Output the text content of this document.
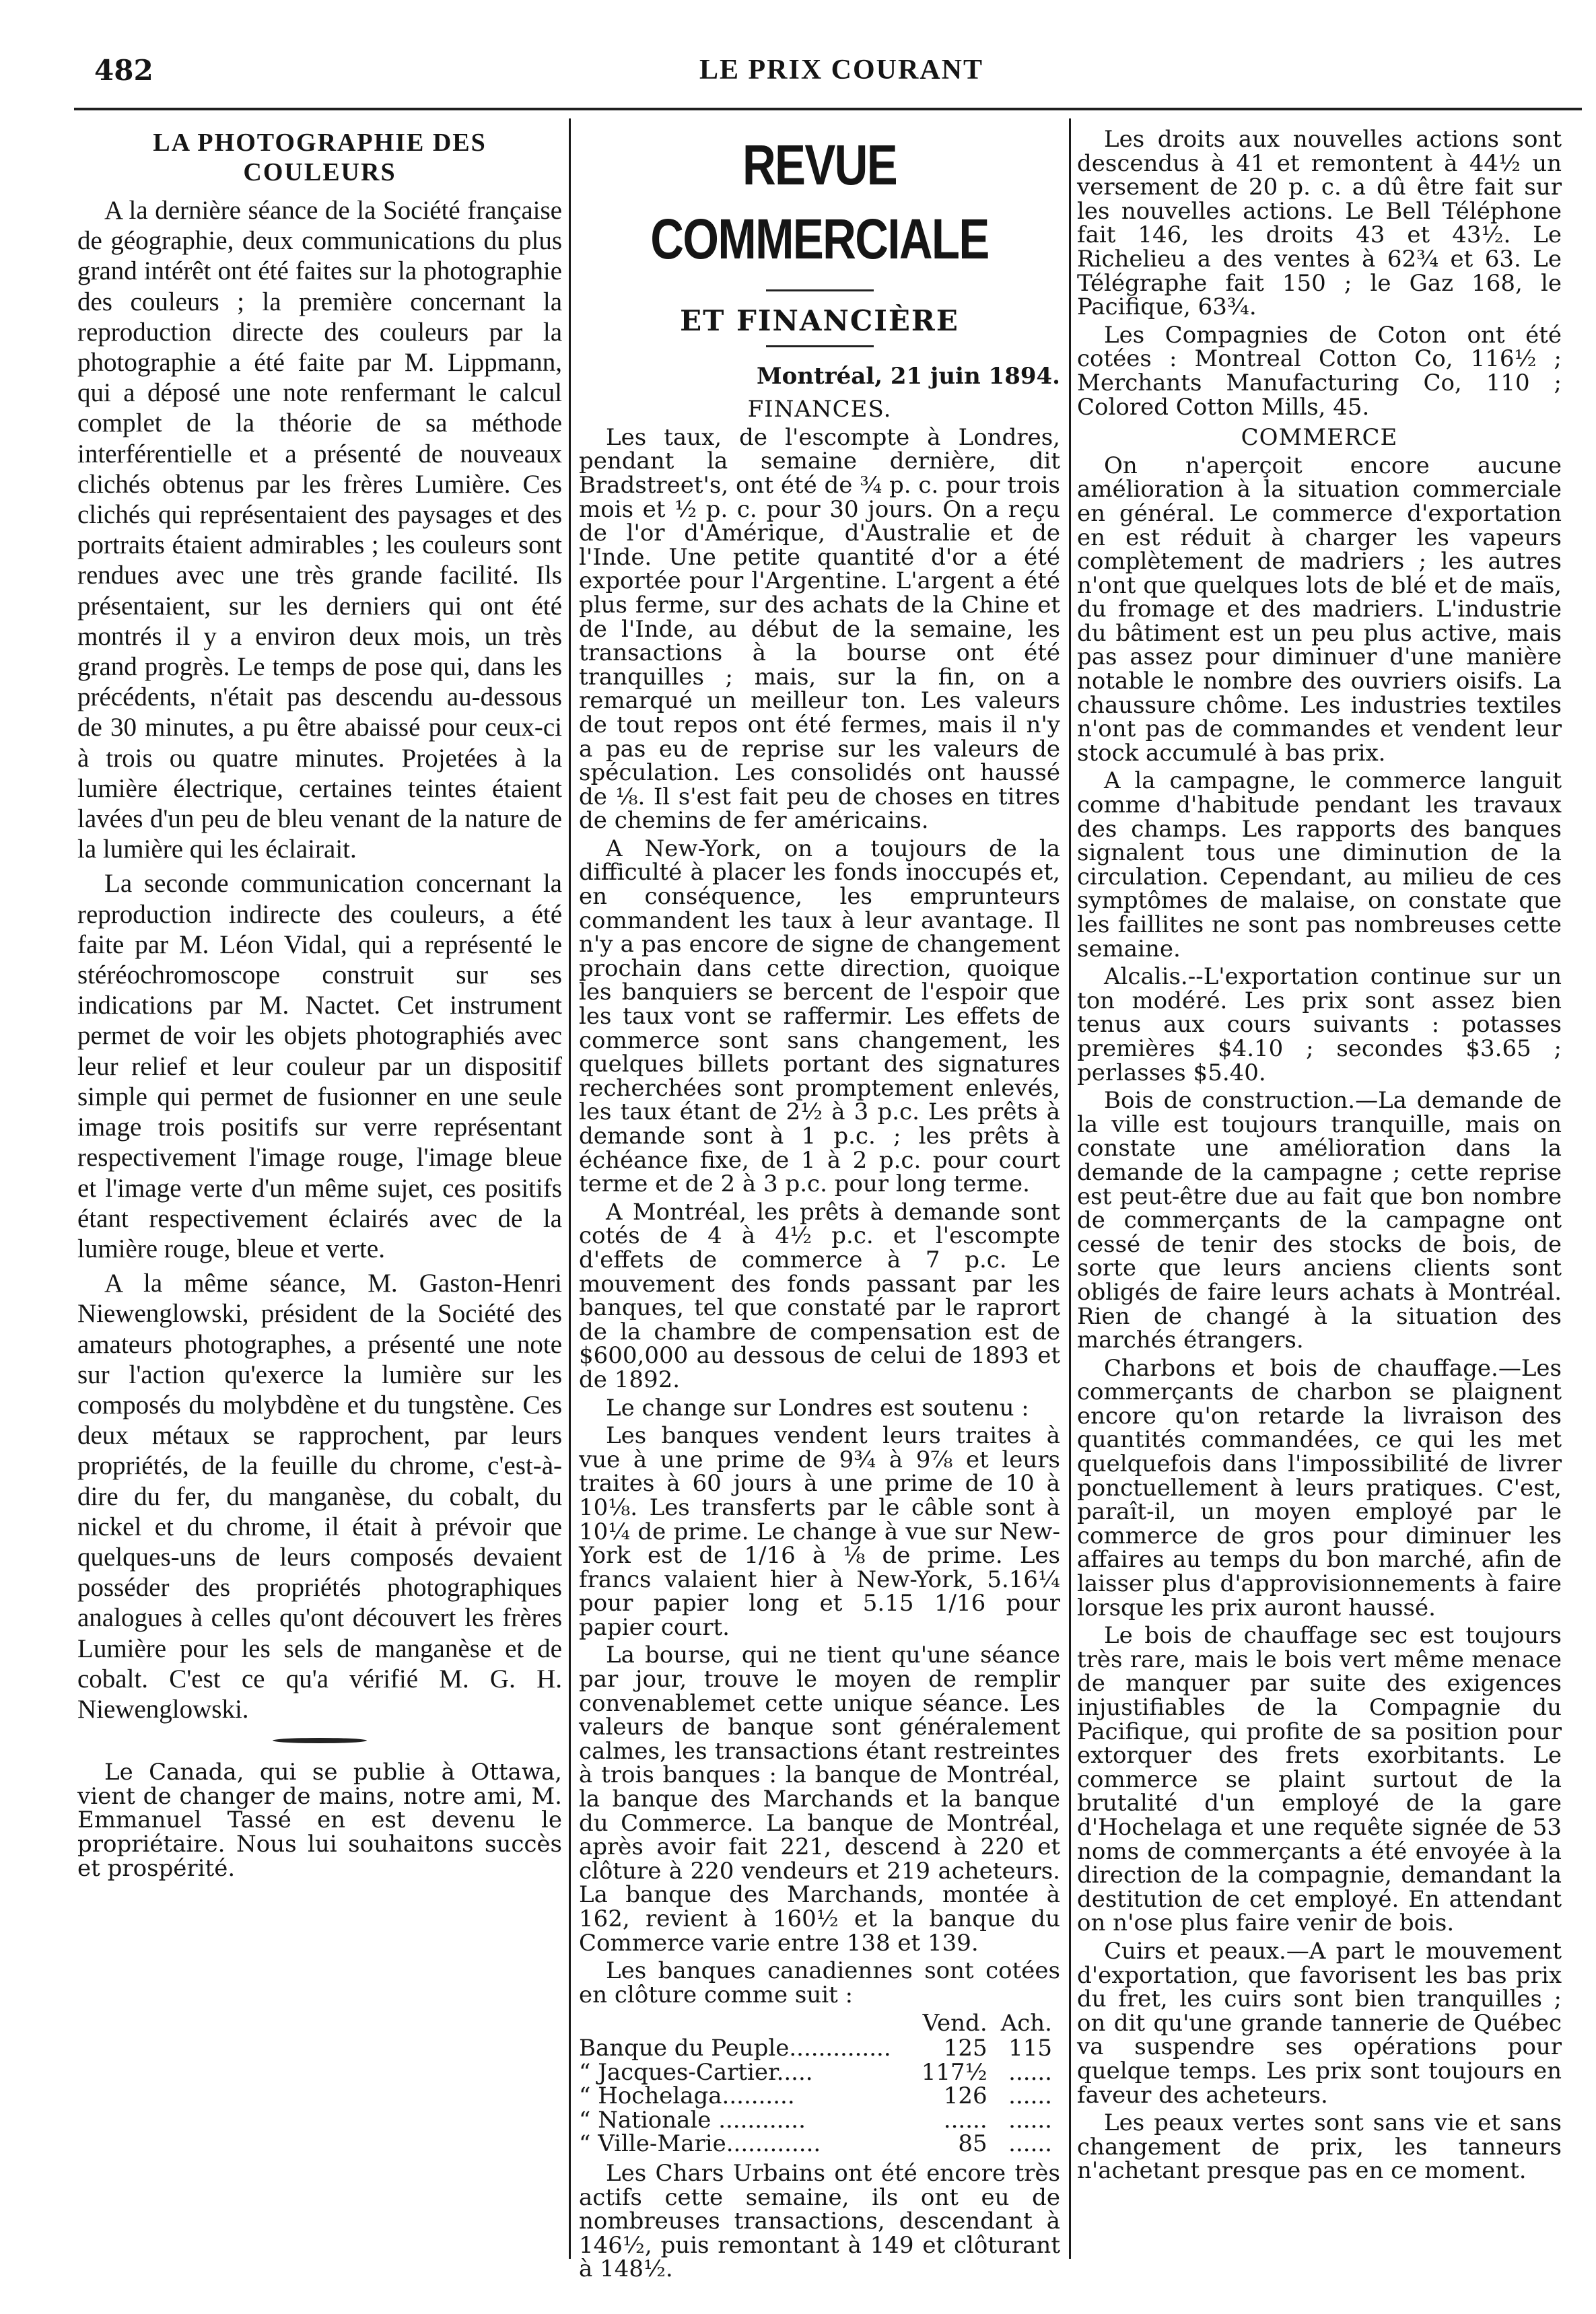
482	LE PRIX COURANT
LA PHOTOGRAPHIE DES COULEURS

A la dernière séance de la Société française de géographie, deux communications du plus grand intérêt ont été faites sur la photographie des couleurs ; la première concernant la reproduction directe des couleurs par la photographie a été faite par M. Lippmann, qui a déposé une note renfermant le calcul complet de la théorie de sa méthode interférentielle et a présenté de nouveaux clichés obtenus par les frères Lumière. Ces clichés qui représentaient des paysages et des portraits étaient admirables ; les couleurs sont rendues avec une très grande facilité. Ils présentaient, sur les derniers qui ont été montrés il y a environ deux mois, un très grand progrès. Le temps de pose qui, dans les précédents, n'était pas descendu au-dessous de 30 minutes, a pu être abaissé pour ceux-ci à trois ou quatre minutes. Projetées à la lumière électrique, certaines teintes étaient lavées d'un peu de bleu venant de la nature de la lumière qui les éclairait.

La seconde communication concernant la reproduction indirecte des couleurs, a été faite par M. Léon Vidal, qui a représenté le stéréochromoscope construit sur ses indications par M. Nactet. Cet instrument permet de voir les objets photographiés avec leur relief et leur couleur par un dispositif simple qui permet de fusionner en une seule image trois positifs sur verre représentant respectivement l'image rouge, l'image bleue et l'image verte d'un même sujet, ces positifs étant respectivement éclairés avec de la lumière rouge, bleue et verte.

A la même séance, M. Gaston-Henri Niewenglowski, président de la Société des amateurs photographes, a présenté une note sur l'action qu'exerce la lumière sur les composés du molybdène et du tungstène. Ces deux métaux se rapprochent, par leurs propriétés, de la feuille du chrome, c'est-à-dire du fer, du manganèse, du cobalt, du nickel et du chrome, il était à prévoir que quelques-uns de leurs composés devaient posséder des propriétés photographiques analogues à celles qu'ont découvert les frères Lumière pour les sels de manganèse et de cobalt. C'est ce qu'a vérifié M. G. H. Niewenglowski.

Le Canada, qui se publie à Ottawa, vient de changer de mains, notre ami, M. Emmanuel Tassé en est devenu le propriétaire. Nous lui souhaitons succès et prospérité.

REVUE COMMERCIALE
ET FINANCIÈRE
Montréal, 21 juin 1894.
FINANCES.

Les taux, de l'escompte à Londres, pendant la semaine dernière, dit Bradstreet's, ont été de ¾ p. c. pour trois mois et ½ p. c. pour 30 jours. On a reçu de l'or d'Amérique, d'Australie et de l'Inde. Une petite quantité d'or a été exportée pour l'Argentine. L'argent a été plus ferme, sur des achats de la Chine et de l'Inde, au début de la semaine, les transactions à la bourse ont été tranquilles ; mais, sur la fin, on a remarqué un meilleur ton. Les valeurs de tout repos ont été fermes, mais il n'y a pas eu de reprise sur les valeurs de spéculation. Les consolidés ont haussé de ⅛. Il s'est fait peu de choses en titres de chemins de fer américains.

A New-York, on a toujours de la difficulté à placer les fonds inoccupés et, en conséquence, les emprunteurs commandent les taux à leur avantage. Il n'y a pas encore de signe de changement prochain dans cette direction, quoique les banquiers se bercent de l'espoir que les taux vont se raffermir. Les effets de commerce sont sans changement, les quelques billets portant des signatures recherchées sont promptement enlevés, les taux étant de 2½ à 3 p.c. Les prêts à demande sont à 1 p.c. ; les prêts à échéance fixe, de 1 à 2 p.c. pour court terme et de 2 à 3 p.c. pour long terme.

A Montréal, les prêts à demande sont cotés de 4 à 4½ p.c. et l'escompte d'effets de commerce à 7 p.c. Le mouvement des fonds passant par les banques, tel que constaté par le raprort de la chambre de compensation est de $600,000 au dessous de celui de 1893 et de 1892.

Le change sur Londres est soutenu :

Les banques vendent leurs traites à vue à une prime de 9¾ à 9⅞ et leurs traites à 60 jours à une prime de 10 à 10⅛. Les transferts par le câble sont à 10¼ de prime. Le change à vue sur New-York est de 1/16 à ⅛ de prime. Les francs valaient hier à New-York, 5.16¼ pour papier long et 5.15 1/16 pour papier court.

La bourse, qui ne tient qu'une séance par jour, trouve le moyen de remplir convenablemet cette unique séance. Les valeurs de banque sont généralement calmes, les transactions étant restreintes à trois banques : la banque de Montréal, la banque des Marchands et la banque du Commerce. La banque de Montréal, après avoir fait 221, descend à 220 et clôture à 220 vendeurs et 219 acheteurs. La banque des Marchands, montée à 162, revient à 160½ et la banque du Commerce varie entre 138 et 139.

Les banques canadiennes sont cotées en clôture comme suit :

	Vend.	Ach.
Banque du Peuple..............	125	115
“ Jacques-Cartier.....	117½	......
“ Hochelaga..........	126	......
“ Nationale ............	......	......
“ Ville-Marie.............	85	......

Les Chars Urbains ont été encore très actifs cette semaine, ils ont eu de nombreuses transactions, descendant à 146½, puis remontant à 149 et clôturant à 148½.

Les droits aux nouvelles actions sont descendus à 41 et remontent à 44½ un versement de 20 p. c. a dû être fait sur les nouvelles actions. Le Bell Téléphone fait 146, les droits 43 et 43½. Le Richelieu a des ventes à 62¾ et 63. Le Télégraphe fait 150 ; le Gaz 168, le Pacifique, 63¾.

Les Compagnies de Coton ont été cotées : Montreal Cotton Co, 116½ ; Merchants Manufacturing Co, 110 ; Colored Cotton Mills, 45.

COMMERCE

On n'aperçoit encore aucune amélioration à la situation commerciale en général. Le commerce d'exportation en est réduit à charger les vapeurs complètement de madriers ; les autres n'ont que quelques lots de blé et de maïs, du fromage et des madriers. L'industrie du bâtiment est un peu plus active, mais pas assez pour diminuer d'une manière notable le nombre des ouvriers oisifs. La chaussure chôme. Les industries textiles n'ont pas de commandes et vendent leur stock accumulé à bas prix.

A la campagne, le commerce languit comme d'habitude pendant les travaux des champs. Les rapports des banques signalent tous une diminution de la circulation. Cependant, au milieu de ces symptômes de malaise, on constate que les faillites ne sont pas nombreuses cette semaine.

Alcalis.--L'exportation continue sur un ton modéré. Les prix sont assez bien tenus aux cours suivants : potasses premières $4.10 ; secondes $3.65 ; perlasses $5.40.

Bois de construction.—La demande de la ville est toujours tranquille, mais on constate une amélioration dans la demande de la campagne ; cette reprise est peut-être due au fait que bon nombre de commerçants de la campagne ont cessé de tenir des stocks de bois, de sorte que leurs anciens clients sont obligés de faire leurs achats à Montréal. Rien de changé à la situation des marchés étrangers.

Charbons et bois de chauffage.—Les commerçants de charbon se plaignent encore qu'on retarde la livraison des quantités commandées, ce qui les met quelquefois dans l'impossibilité de livrer ponctuellement à leurs pratiques. C'est, paraît-il, un moyen employé par le commerce de gros pour diminuer les affaires au temps du bon marché, afin de laisser plus d'approvisionnements à faire lorsque les prix auront haussé.

Le bois de chauffage sec est toujours très rare, mais le bois vert même menace de manquer par suite des exigences injustifiables de la Compagnie du Pacifique, qui profite de sa position pour extorquer des frets exorbitants. Le commerce se plaint surtout de la brutalité d'un employé de la gare d'Hochelaga et une requête signée de 53 noms de commerçants a été envoyée à la direction de la compagnie, demandant la destitution de cet employé. En attendant on n'ose plus faire venir de bois.

Cuirs et peaux.—A part le mouvement d'exportation, que favorisent les bas prix du fret, les cuirs sont bien tranquilles ; on dit qu'une grande tannerie de Québec va suspendre ses opérations pour quelque temps. Les prix sont toujours en faveur des acheteurs.

Les peaux vertes sont sans vie et sans changement de prix, les tanneurs n'achetant presque pas en ce moment.
